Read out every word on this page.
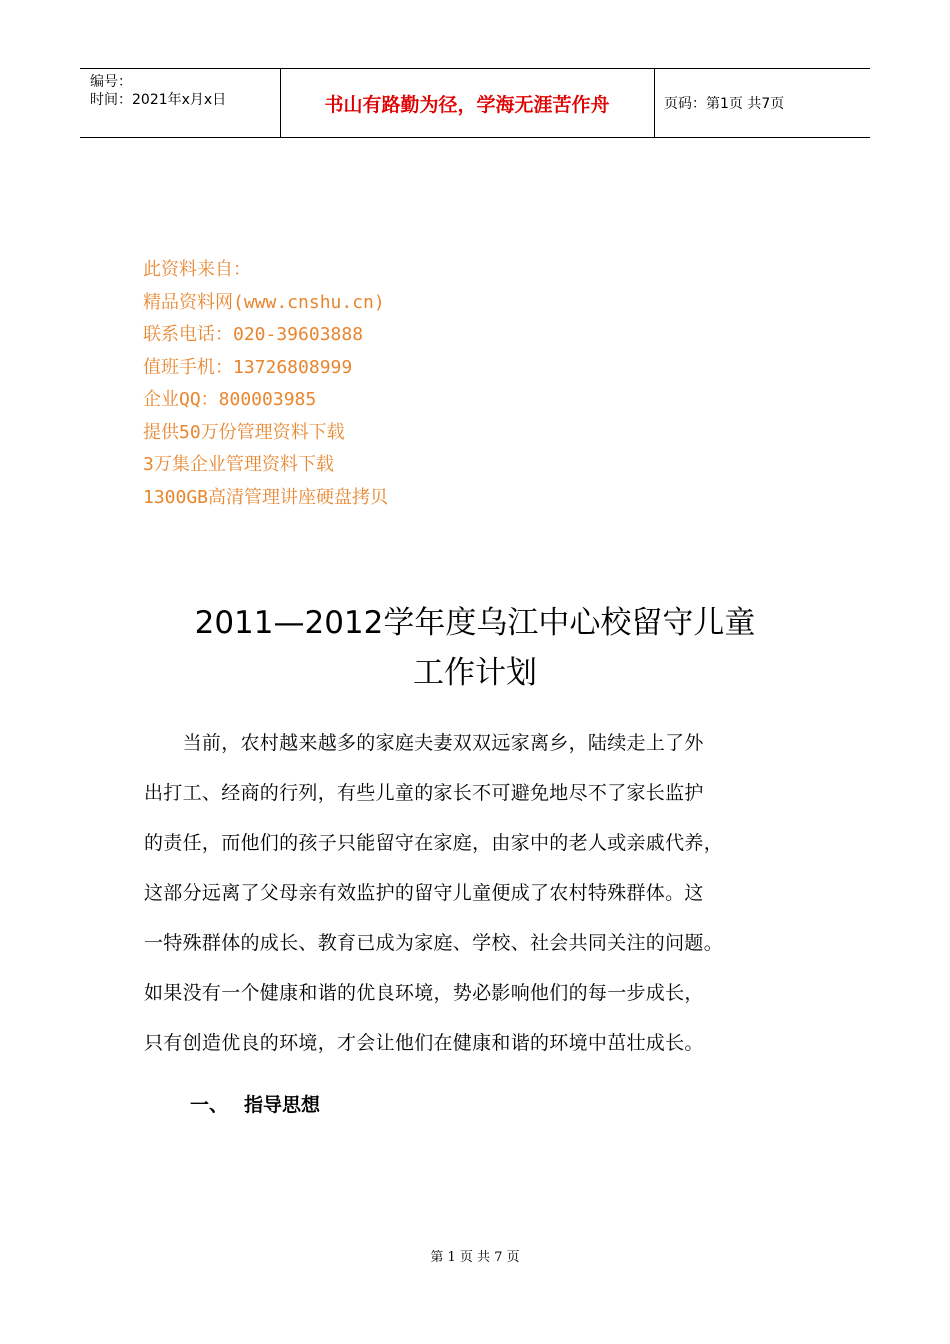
编号：
时间：2021年x月x日	书山有路勤为径，学海无涯苦作舟	页码：第1页 共7页
此资料来自：
精品资料网(www.cnshu.cn)
联系电话：020-39603888
值班手机：13726808999
企业QQ：800003985
提供50万份管理资料下载
3万集企业管理资料下载
1300GB高清管理讲座硬盘拷贝
2011—2012学年度乌江中心校留守儿童
工作计划
　　当前，农村越来越多的家庭夫妻双双远家离乡，陆续走上了外
出打工、经商的行列，有些儿童的家长不可避免地尽不了家长监护
的责任，而他们的孩子只能留守在家庭，由家中的老人或亲戚代养，
这部分远离了父母亲有效监护的留守儿童便成了农村特殊群体。这
一特殊群体的成长、教育已成为家庭、学校、社会共同关注的问题。
如果没有一个健康和谐的优良环境，势必影响他们的每一步成长，
只有创造优良的环境，才会让他们在健康和谐的环境中茁壮成长。
一、 指导思想
第 1 页 共 7 页
